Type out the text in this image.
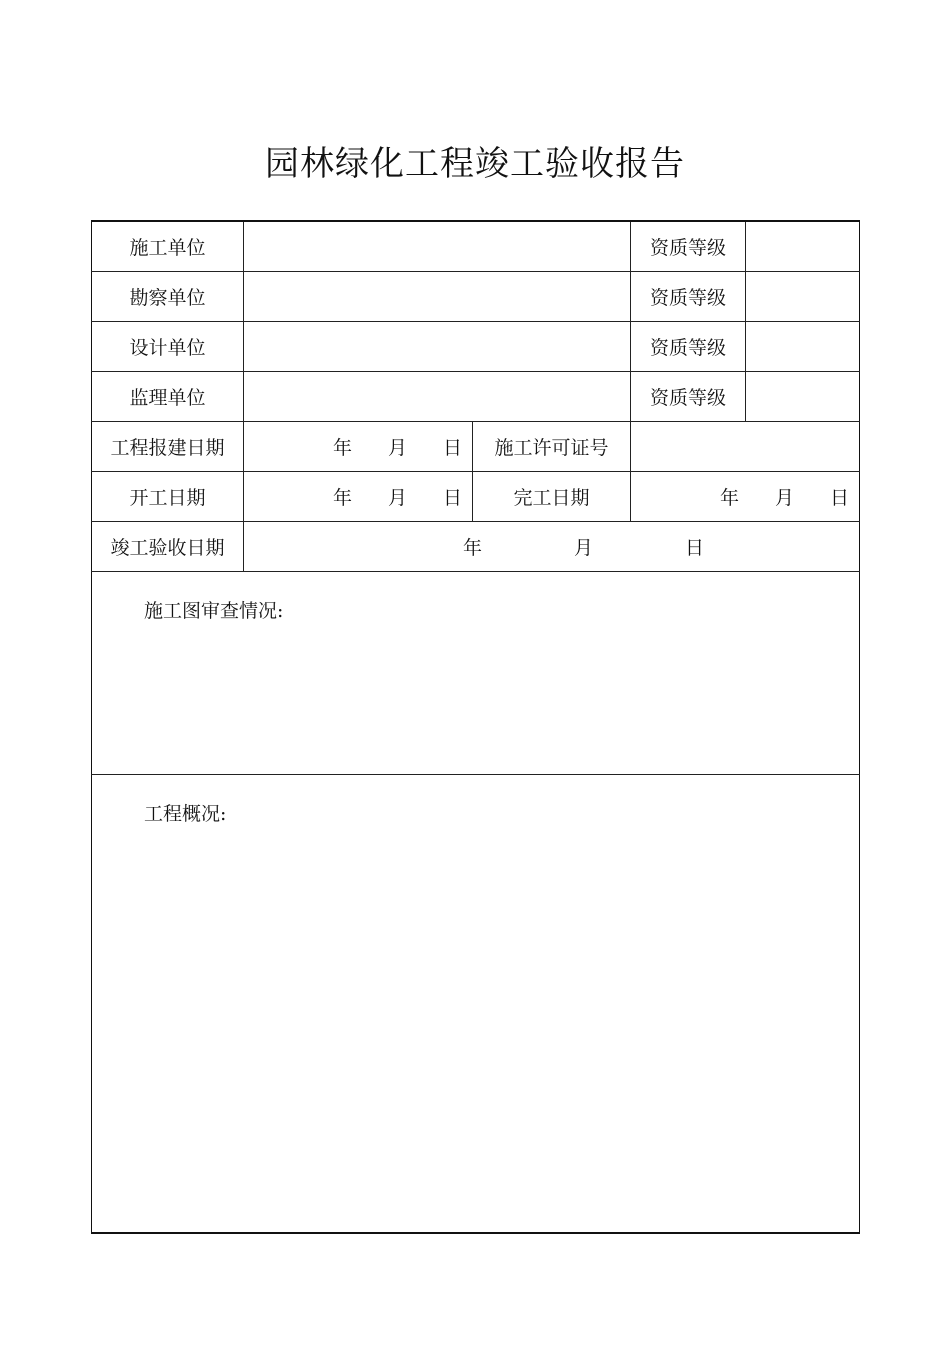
园林绿化工程竣工验收报告
施工单位			资质等级	
勘察单位			资质等级	
设计单位			资质等级	
监理单位			资质等级	
工程报建日期	年 月 日	施工许可证号		
开工日期	年 月 日	完工日期	年 月 日	

竣工验收日期	年 月 日			

施工图审查情况:				

工程概况:				
